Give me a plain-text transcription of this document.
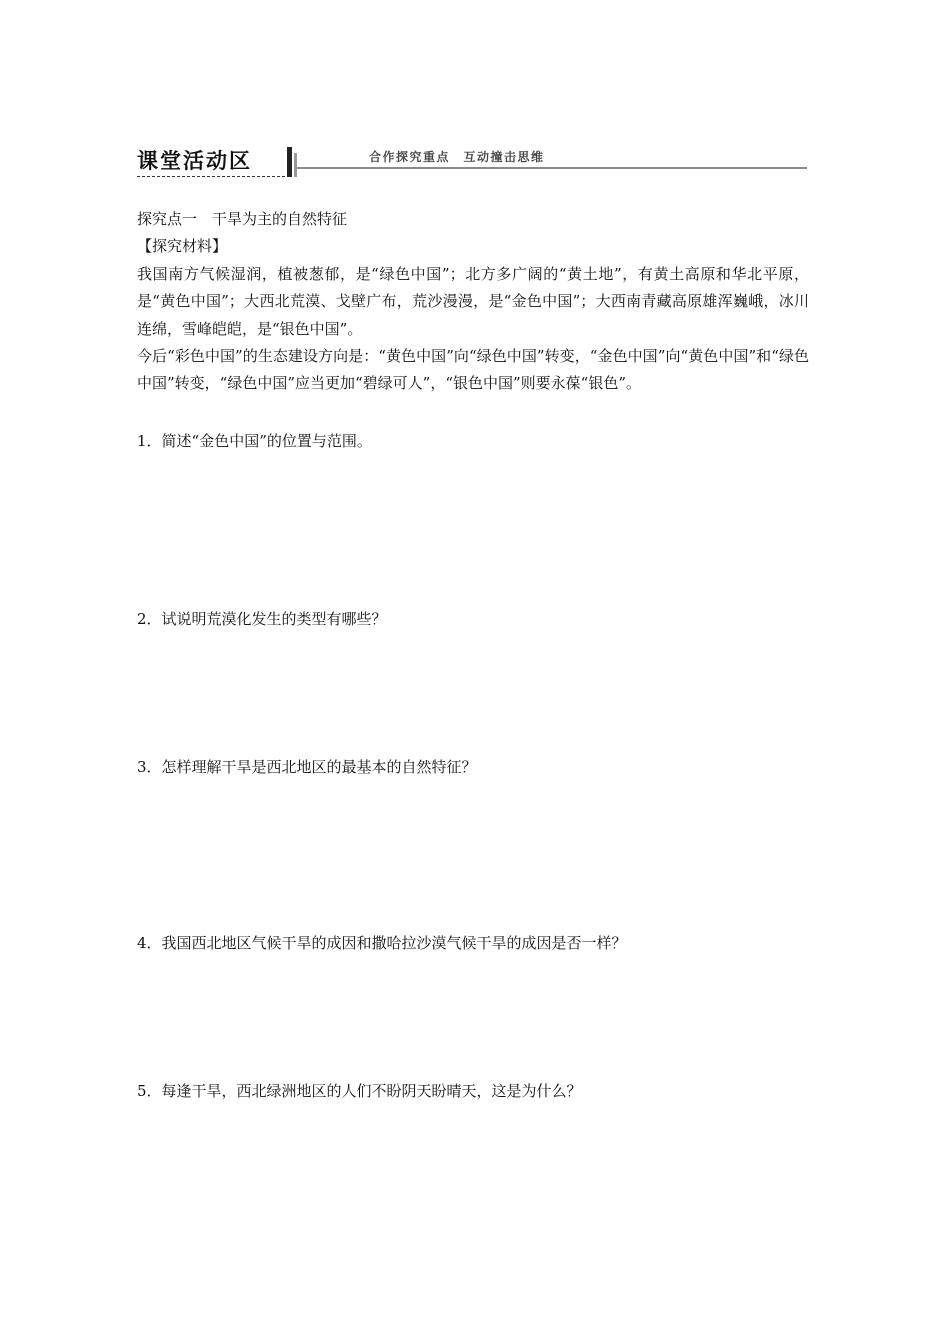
课堂活动区	合作探究重点　互动撞击思维

探究点一　干旱为主的自然特征

【探究材料】

我国南方气候湿润，植被葱郁，是“绿色中国”；北方多广阔的“黄土地”，有黄土高原和华北平原，是“黄色中国”；大西北荒漠、戈壁广布，荒沙漫漫，是“金色中国”；大西南青藏高原雄浑巍峨，冰川连绵，雪峰皑皑，是“银色中国”。

今后“彩色中国”的生态建设方向是：“黄色中国”向“绿色中国”转变，“金色中国”向“黄色中国”和“绿色中国”转变，“绿色中国”应当更加“碧绿可人”，“银色中国”则要永葆“银色”。

1．简述“金色中国”的位置与范围。
2．试说明荒漠化发生的类型有哪些？
3．怎样理解干旱是西北地区的最基本的自然特征？
4．我国西北地区气候干旱的成因和撒哈拉沙漠气候干旱的成因是否一样？
5．每逢干旱，西北绿洲地区的人们不盼阴天盼晴天，这是为什么？
